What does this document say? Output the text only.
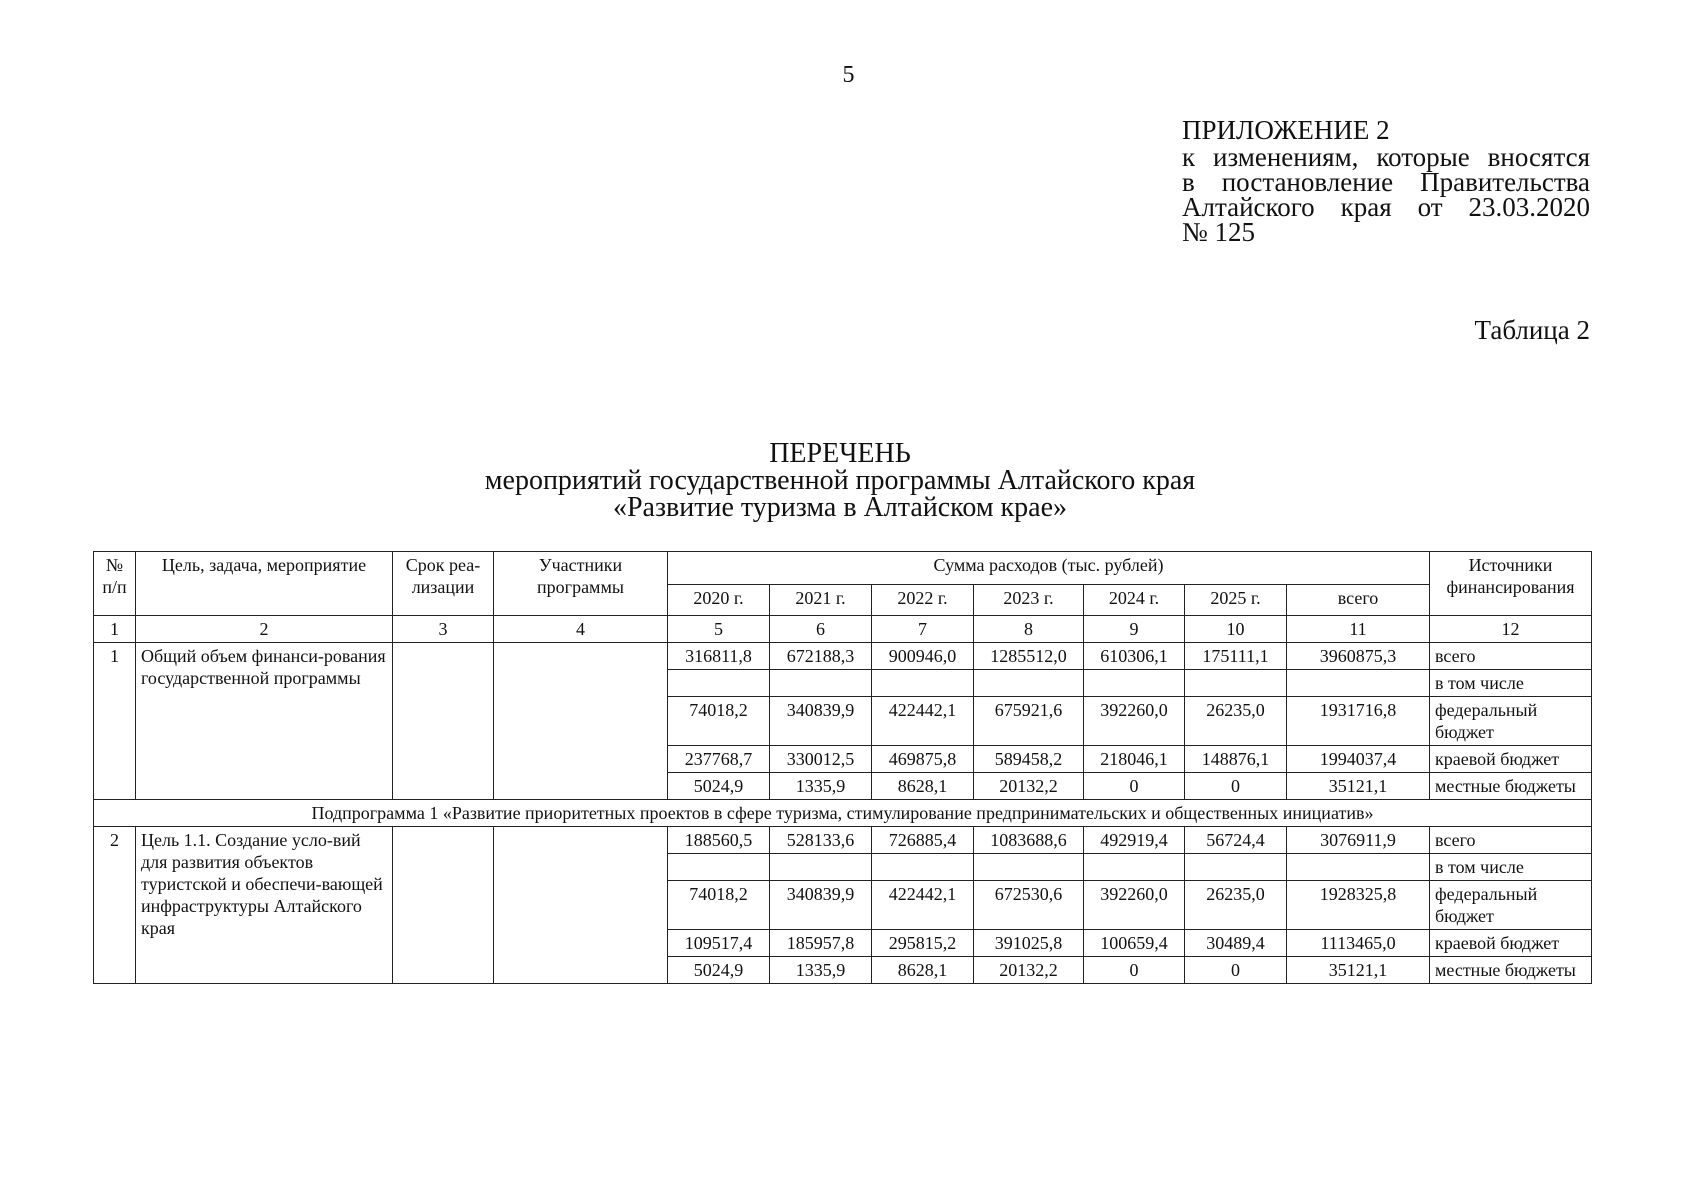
5
ПРИЛОЖЕНИЕ 2
к изменениям, которые вносятся
в постановление Правительства
Алтайского края от 23.03.2020
№ 125
Таблица 2
ПЕРЕЧЕНЬ
мероприятий государственной программы Алтайского края
«Развитие туризма в Алтайском крае»
№ п/п	Цель, задача, мероприятие	Срок реа-лизации	Участники программы	Сумма расходов (тыс. рублей)							Источники финансирования
				2020 г.	2021 г.	2022 г.	2023 г.	2024 г.	2025 г.	всего	
1	2	3	4	5	6	7	8	9	10	11	12
1	Общий объем финанси-рования государственной программы			316811,8	672188,3	900946,0	1285512,0	610306,1	175111,1	3960875,3	всего
											в том числе
				74018,2	340839,9	422442,1	675921,6	392260,0	26235,0	1931716,8	федеральный бюджет
				237768,7	330012,5	469875,8	589458,2	218046,1	148876,1	1994037,4	краевой бюджет
				5024,9	1335,9	8628,1	20132,2	0	0	35121,1	местные бюджеты
Подпрограмма 1 «Развитие приоритетных проектов в сфере туризма, стимулирование предпринимательских и общественных инициатив»											
2	Цель 1.1. Создание усло-вий для развития объектов туристской и обеспечи-вающей инфраструктуры Алтайского края			188560,5	528133,6	726885,4	1083688,6	492919,4	56724,4	3076911,9	всего
											в том числе
				74018,2	340839,9	422442,1	672530,6	392260,0	26235,0	1928325,8	федеральный бюджет
				109517,4	185957,8	295815,2	391025,8	100659,4	30489,4	1113465,0	краевой бюджет
				5024,9	1335,9	8628,1	20132,2	0	0	35121,1	местные бюджеты
